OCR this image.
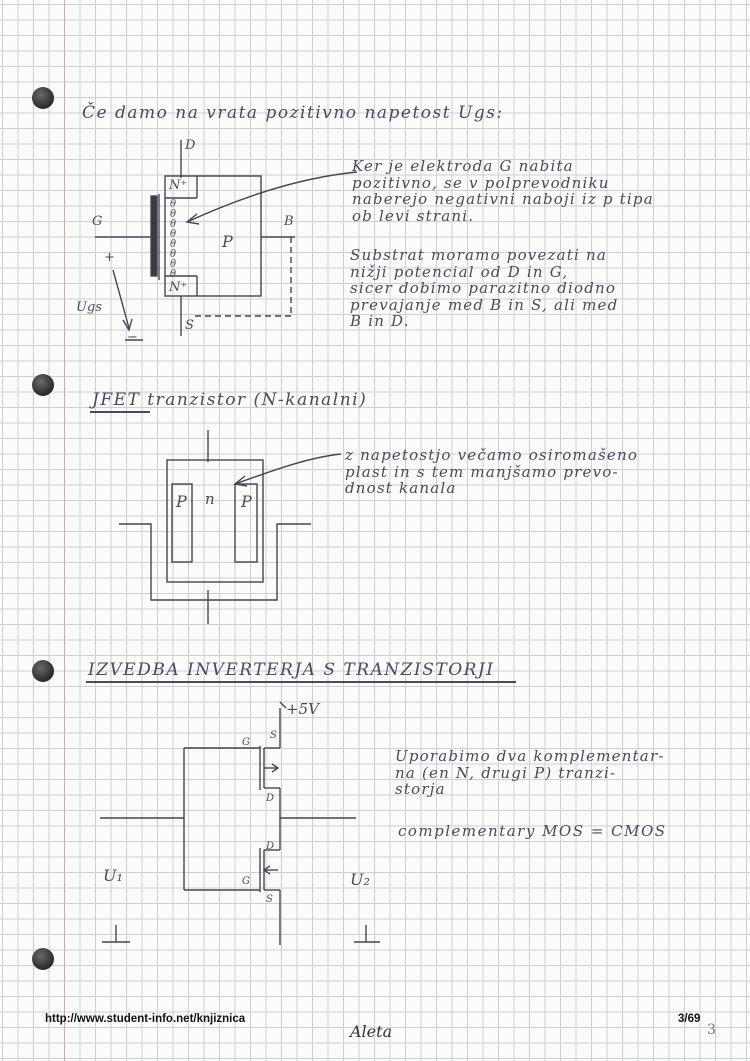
Če damo na vrata pozitivno napetost Ugs:
D
S
G	B
N⁺
N⁺
P
+
−
Ugs
θ θ θ θ θ θ θ θ
Ker je elektroda G nabita
pozitivno, se v polprevodniku
naberejo negativni naboji iz p tipa
ob levi strani.
Substrat moramo povezati na
nižji potencial od D in G,
sicer dobimo parazitno diodno
prevajanje med B in S, ali med
B in D.
JFET tranzistor (N-kanalni)
P n P
z napetostjo večamo osiromašeno
plast in s tem manjšamo prevo-
dnost kanala
IZVEDBA INVERTERJA S TRANZISTORJI
+5V
G
S
D
D
G
S
U₁	U₂
Uporabimo dva komplementar-
na (en N, drugi P) tranzi-
storja
complementary MOS = CMOS
http://www.student-info.net/knjiznica
Aleta
3/69
3
